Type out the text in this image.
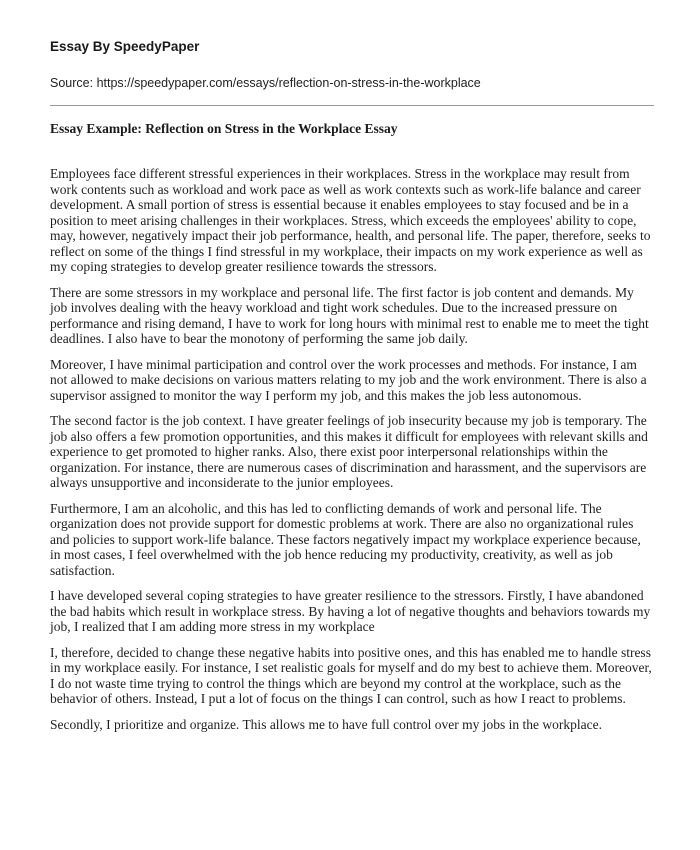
Essay By SpeedyPaper
Source: https://speedypaper.com/essays/reflection-on-stress-in-the-workplace
Essay Example: Reflection on Stress in the Workplace Essay

Employees face different stressful experiences in their workplaces. Stress in the workplace may result from work contents such as workload and work pace as well as work contexts such as work-life balance and career development. A small portion of stress is essential because it enables employees to stay focused and be in a position to meet arising challenges in their workplaces. Stress, which exceeds the employees' ability to cope, may, however, negatively impact their job performance, health, and personal life. The paper, therefore, seeks to reflect on some of the things I find stressful in my workplace, their impacts on my work experience as well as my coping strategies to develop greater resilience towards the stressors.

There are some stressors in my workplace and personal life. The first factor is job content and demands. My job involves dealing with the heavy workload and tight work schedules. Due to the increased pressure on performance and rising demand, I have to work for long hours with minimal rest to enable me to meet the tight deadlines. I also have to bear the monotony of performing the same job daily.

Moreover, I have minimal participation and control over the work processes and methods. For instance, I am not allowed to make decisions on various matters relating to my job and the work environment. There is also a supervisor assigned to monitor the way I perform my job, and this makes the job less autonomous.

The second factor is the job context. I have greater feelings of job insecurity because my job is temporary. The job also offers a few promotion opportunities, and this makes it difficult for employees with relevant skills and experience to get promoted to higher ranks. Also, there exist poor interpersonal relationships within the organization. For instance, there are numerous cases of discrimination and harassment, and the supervisors are always unsupportive and inconsiderate to the junior employees.

Furthermore, I am an alcoholic, and this has led to conflicting demands of work and personal life. The organization does not provide support for domestic problems at work. There are also no organizational rules and policies to support work-life balance. These factors negatively impact my workplace experience because, in most cases, I feel overwhelmed with the job hence reducing my productivity, creativity, as well as job satisfaction.

I have developed several coping strategies to have greater resilience to the stressors. Firstly, I have abandoned the bad habits which result in workplace stress. By having a lot of negative thoughts and behaviors towards my job, I realized that I am adding more stress in my workplace

I, therefore, decided to change these negative habits into positive ones, and this has enabled me to handle stress in my workplace easily. For instance, I set realistic goals for myself and do my best to achieve them. Moreover, I do not waste time trying to control the things which are beyond my control at the workplace, such as the behavior of others. Instead, I put a lot of focus on the things I can control, such as how I react to problems.

Secondly, I prioritize and organize. This allows me to have full control over my jobs in the workplace.
